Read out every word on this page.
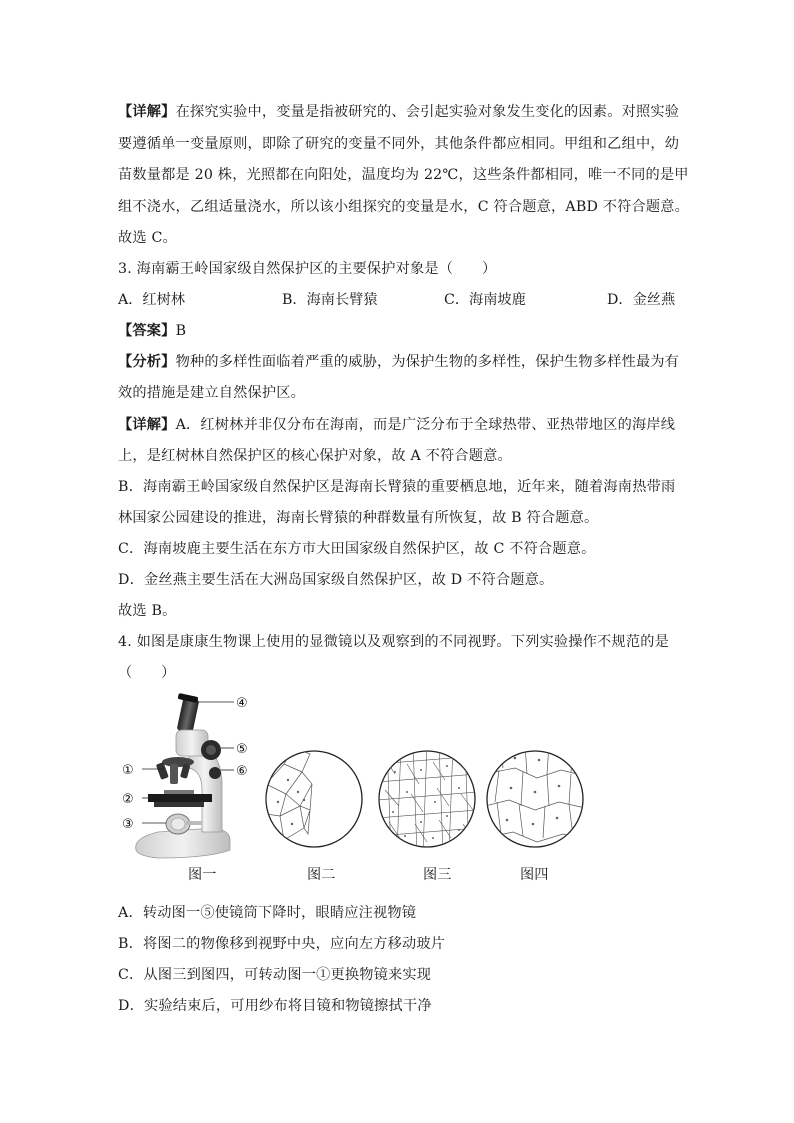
【详解】在探究实验中，变量是指被研究的、会引起实验对象发生变化的因素。对照实验
要遵循单一变量原则，即除了研究的变量不同外，其他条件都应相同。甲组和乙组中，幼
苗数量都是 20 株，光照都在向阳处，温度均为 22℃，这些条件都相同，唯一不同的是甲
组不浇水，乙组适量浇水，所以该小组探究的变量是水，C 符合题意，ABD 不符合题意。
故选 C。
3. 海南霸王岭国家级自然保护区的主要保护对象是（　　）
A．红树林	B．海南长臂猿	C．海南坡鹿	D．金丝燕
【答案】B
【分析】物种的多样性面临着严重的威胁，为保护生物的多样性，保护生物多样性最为有
效的措施是建立自然保护区。
【详解】A．红树林并非仅分布在海南，而是广泛分布于全球热带、亚热带地区的海岸线
上，是红树林自然保护区的核心保护对象，故 A 不符合题意。
B．海南霸王岭国家级自然保护区是海南长臂猿的重要栖息地，近年来，随着海南热带雨
林国家公园建设的推进，海南长臂猿的种群数量有所恢复，故 B 符合题意。
C．海南坡鹿主要生活在东方市大田国家级自然保护区，故 C 不符合题意。
D．金丝燕主要生活在大洲岛国家级自然保护区，故 D 不符合题意。
故选 B。
4. 如图是康康生物课上使用的显微镜以及观察到的不同视野。下列实验操作不规范的是
（　　）
①
②
③
④
⑤
⑥
图一	图二	图三	图四
A．转动图一⑤使镜筒下降时，眼睛应注视物镜
B．将图二的物像移到视野中央，应向左方移动玻片
C．从图三到图四，可转动图一①更换物镜来实现
D．实验结束后，可用纱布将目镜和物镜擦拭干净
